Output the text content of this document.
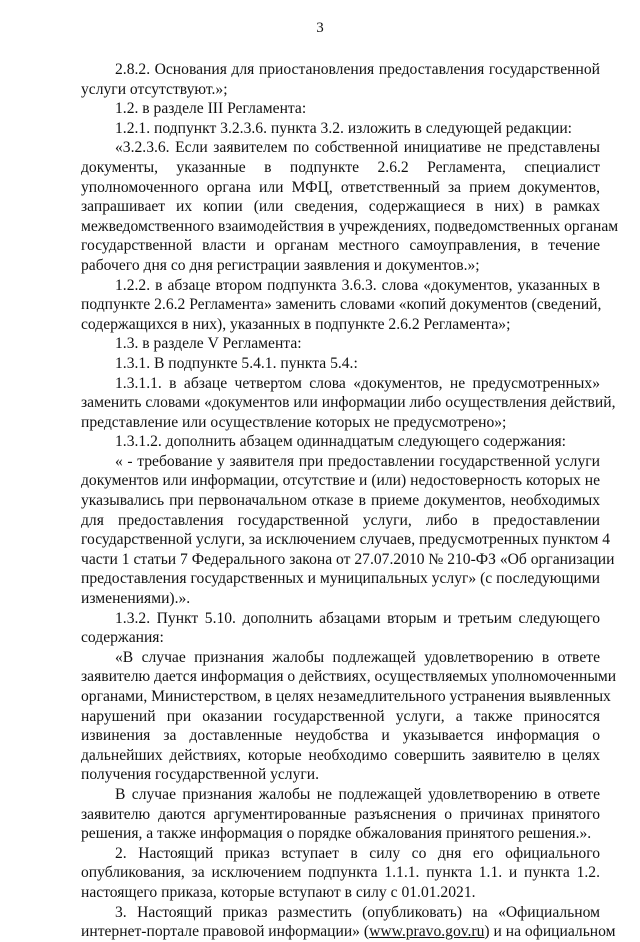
3

2.8.2. Основания для приостановления предоставления государственной
услуги отсутствуют.»;

1.2. в разделе III Регламента:

1.2.1. подпункт 3.2.3.6. пункта 3.2. изложить в следующей редакции:

«3.2.3.6. Если заявителем по собственной инициативе не представлены
документы, указанные в подпункте 2.6.2 Регламента, специалист
уполномоченного органа или МФЦ, ответственный за прием документов,
запрашивает их копии (или сведения, содержащиеся в них) в рамках
межведомственного взаимодействия в учреждениях, подведомственных органам
государственной власти и органам местного самоуправления, в течение
рабочего дня со дня регистрации заявления и документов.»;

1.2.2. в абзаце втором подпункта 3.6.3. слова «документов, указанных в
подпункте 2.6.2 Регламента» заменить словами «копий документов (сведений,
содержащихся в них), указанных в подпункте 2.6.2 Регламента»;

1.3. в разделе V Регламента:

1.3.1. В подпункте 5.4.1. пункта 5.4.:

1.3.1.1. в абзаце четвертом слова «документов, не предусмотренных»
заменить словами «документов или информации либо осуществления действий,
представление или осуществление которых не предусмотрено»;

1.3.1.2. дополнить абзацем одиннадцатым следующего содержания:

« - требование у заявителя при предоставлении государственной услуги
документов или информации, отсутствие и (или) недостоверность которых не
указывались при первоначальном отказе в приеме документов, необходимых
для предоставления государственной услуги, либо в предоставлении
государственной услуги, за исключением случаев, предусмотренных пунктом 4
части 1 статьи 7 Федерального закона от 27.07.2010 № 210-ФЗ «Об организации
предоставления государственных и муниципальных услуг» (с последующими
изменениями).».

1.3.2. Пункт 5.10. дополнить абзацами вторым и третьим следующего
содержания:

«В случае признания жалобы подлежащей удовлетворению в ответе
заявителю дается информация о действиях, осуществляемых уполномоченными
органами, Министерством, в целях незамедлительного устранения выявленных
нарушений при оказании государственной услуги, а также приносятся
извинения за доставленные неудобства и указывается информация о
дальнейших действиях, которые необходимо совершить заявителю в целях
получения государственной услуги.

В случае признания жалобы не подлежащей удовлетворению в ответе
заявителю даются аргументированные разъяснения о причинах принятого
решения, а также информация о порядке обжалования принятого решения.».

2. Настоящий приказ вступает в силу со дня его официального
опубликования, за исключением подпункта 1.1.1. пункта 1.1. и пункта 1.2.
настоящего приказа, которые вступают в силу с 01.01.2021.

3. Настоящий приказ разместить (опубликовать) на «Официальном
интернет-портале правовой информации» (www.pravo.gov.ru) и на официальном
